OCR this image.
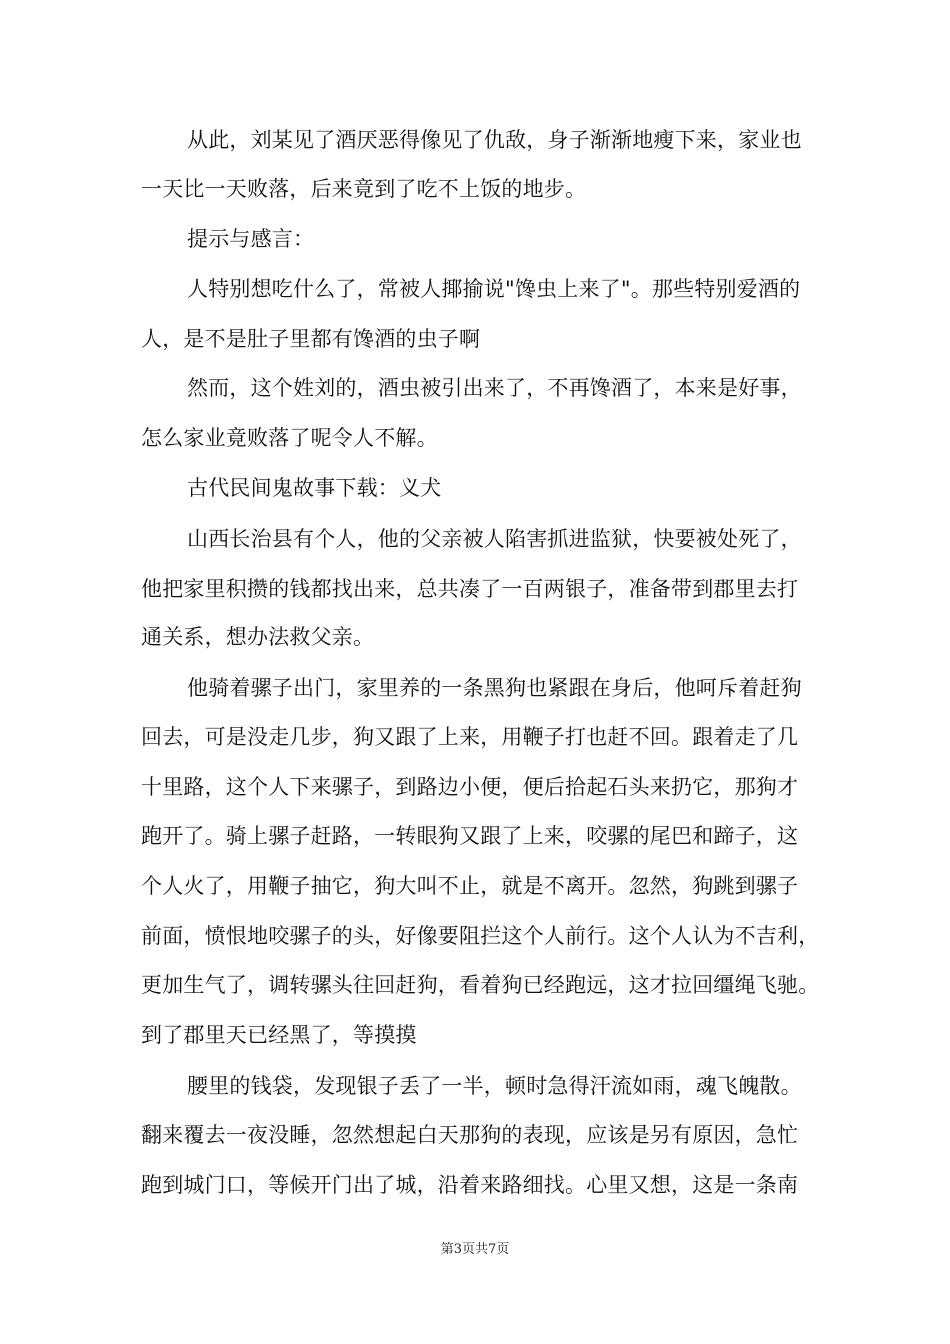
从此，刘某见了酒厌恶得像见了仇敌，身子渐渐地瘦下来，家业也
一天比一天败落，后来竟到了吃不上饭的地步。
提示与感言：
人特别想吃什么了，常被人揶揄说"馋虫上来了"。那些特别爱酒的
人，是不是肚子里都有馋酒的虫子啊
然而，这个姓刘的，酒虫被引出来了，不再馋酒了，本来是好事，
怎么家业竟败落了呢令人不解。
古代民间鬼故事下载：义犬
山西长治县有个人，他的父亲被人陷害抓进监狱，快要被处死了，
他把家里积攒的钱都找出来，总共凑了一百两银子，准备带到郡里去打
通关系，想办法救父亲。
他骑着骡子出门，家里养的一条黑狗也紧跟在身后，他呵斥着赶狗
回去，可是没走几步，狗又跟了上来，用鞭子打也赶不回。跟着走了几
十里路，这个人下来骡子，到路边小便，便后拾起石头来扔它，那狗才
跑开了。骑上骡子赶路，一转眼狗又跟了上来，咬骡的尾巴和蹄子，这
个人火了，用鞭子抽它，狗大叫不止，就是不离开。忽然，狗跳到骡子
前面，愤恨地咬骡子的头，好像要阻拦这个人前行。这个人认为不吉利，
更加生气了，调转骡头往回赶狗，看着狗已经跑远，这才拉回缰绳飞驰。
到了郡里天已经黑了，等摸摸
腰里的钱袋，发现银子丢了一半，顿时急得汗流如雨，魂飞魄散。
翻来覆去一夜没睡，忽然想起白天那狗的表现，应该是另有原因，急忙
跑到城门口，等候开门出了城，沿着来路细找。心里又想，这是一条南
第3页共7页
